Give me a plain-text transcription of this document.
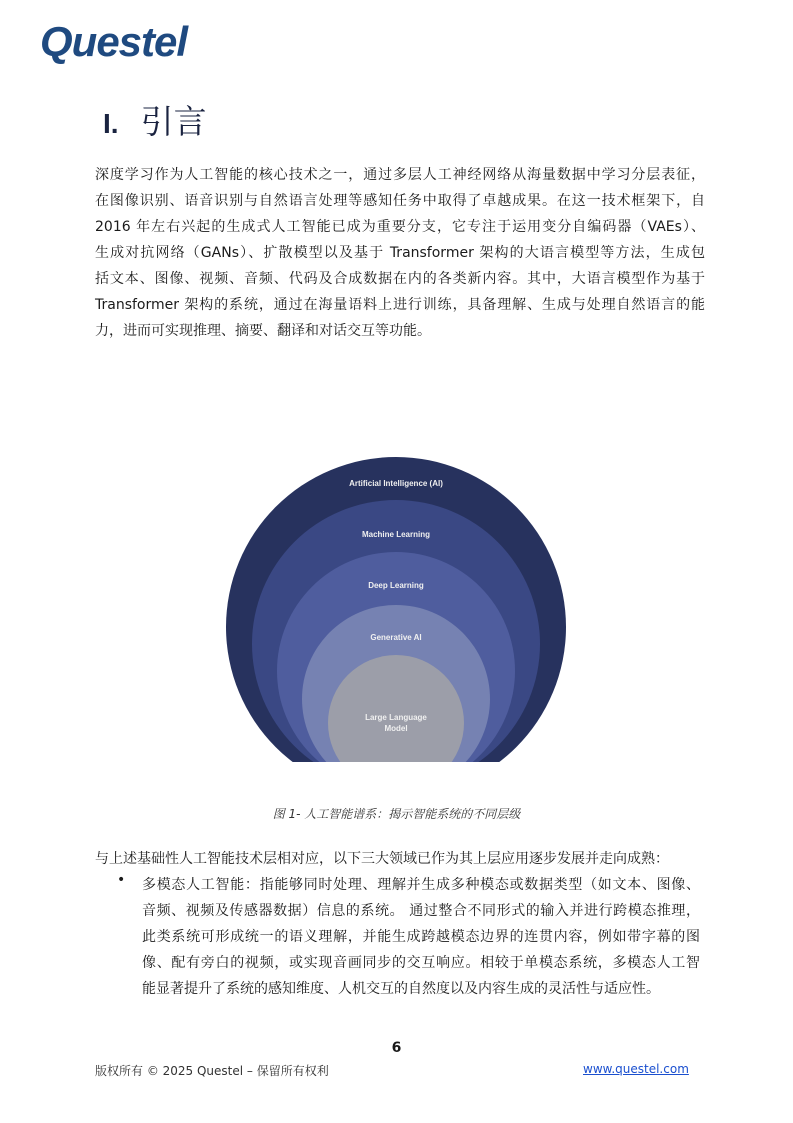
Questel
I. 引言
深度学习作为人工智能的核心技术之一，通过多层人工神经网络从海量数据中学习分层表征，
在图像识别、语音识别与自然语言处理等感知任务中取得了卓越成果。在这一技术框架下，自
2016 年左右兴起的生成式人工智能已成为重要分支，它专注于运用变分自编码器（VAEs）、
生成对抗网络（GANs）、扩散模型以及基于 Transformer 架构的大语言模型等方法，生成包
括文本、图像、视频、音频、代码及合成数据在内的各类新内容。其中，大语言模型作为基于
Transformer 架构的系统，通过在海量语料上进行训练，具备理解、生成与处理自然语言的能
力，进而可实现推理、摘要、翻译和对话交互等功能。
Artificial Intelligence (AI)
Machine Learning
Deep Learning
Generative AI
Large Language
Model
图 1- 人工智能谱系：揭示智能系统的不同层级
与上述基础性人工智能技术层相对应，以下三大领域已作为其上层应用逐步发展并走向成熟：
• 多模态人工智能：指能够同时处理、理解并生成多种模态或数据类型（如文本、图像、
音频、视频及传感器数据）信息的系统。 通过整合不同形式的输入并进行跨模态推理，
此类系统可形成统一的语义理解，并能生成跨越模态边界的连贯内容，例如带字幕的图
像、配有旁白的视频，或实现音画同步的交互响应。相较于单模态系统，多模态人工智
能显著提升了系统的感知维度、人机交互的自然度以及内容生成的灵活性与适应性。
6
版权所有 © 2025 Questel – 保留所有权利	www.questel.com
